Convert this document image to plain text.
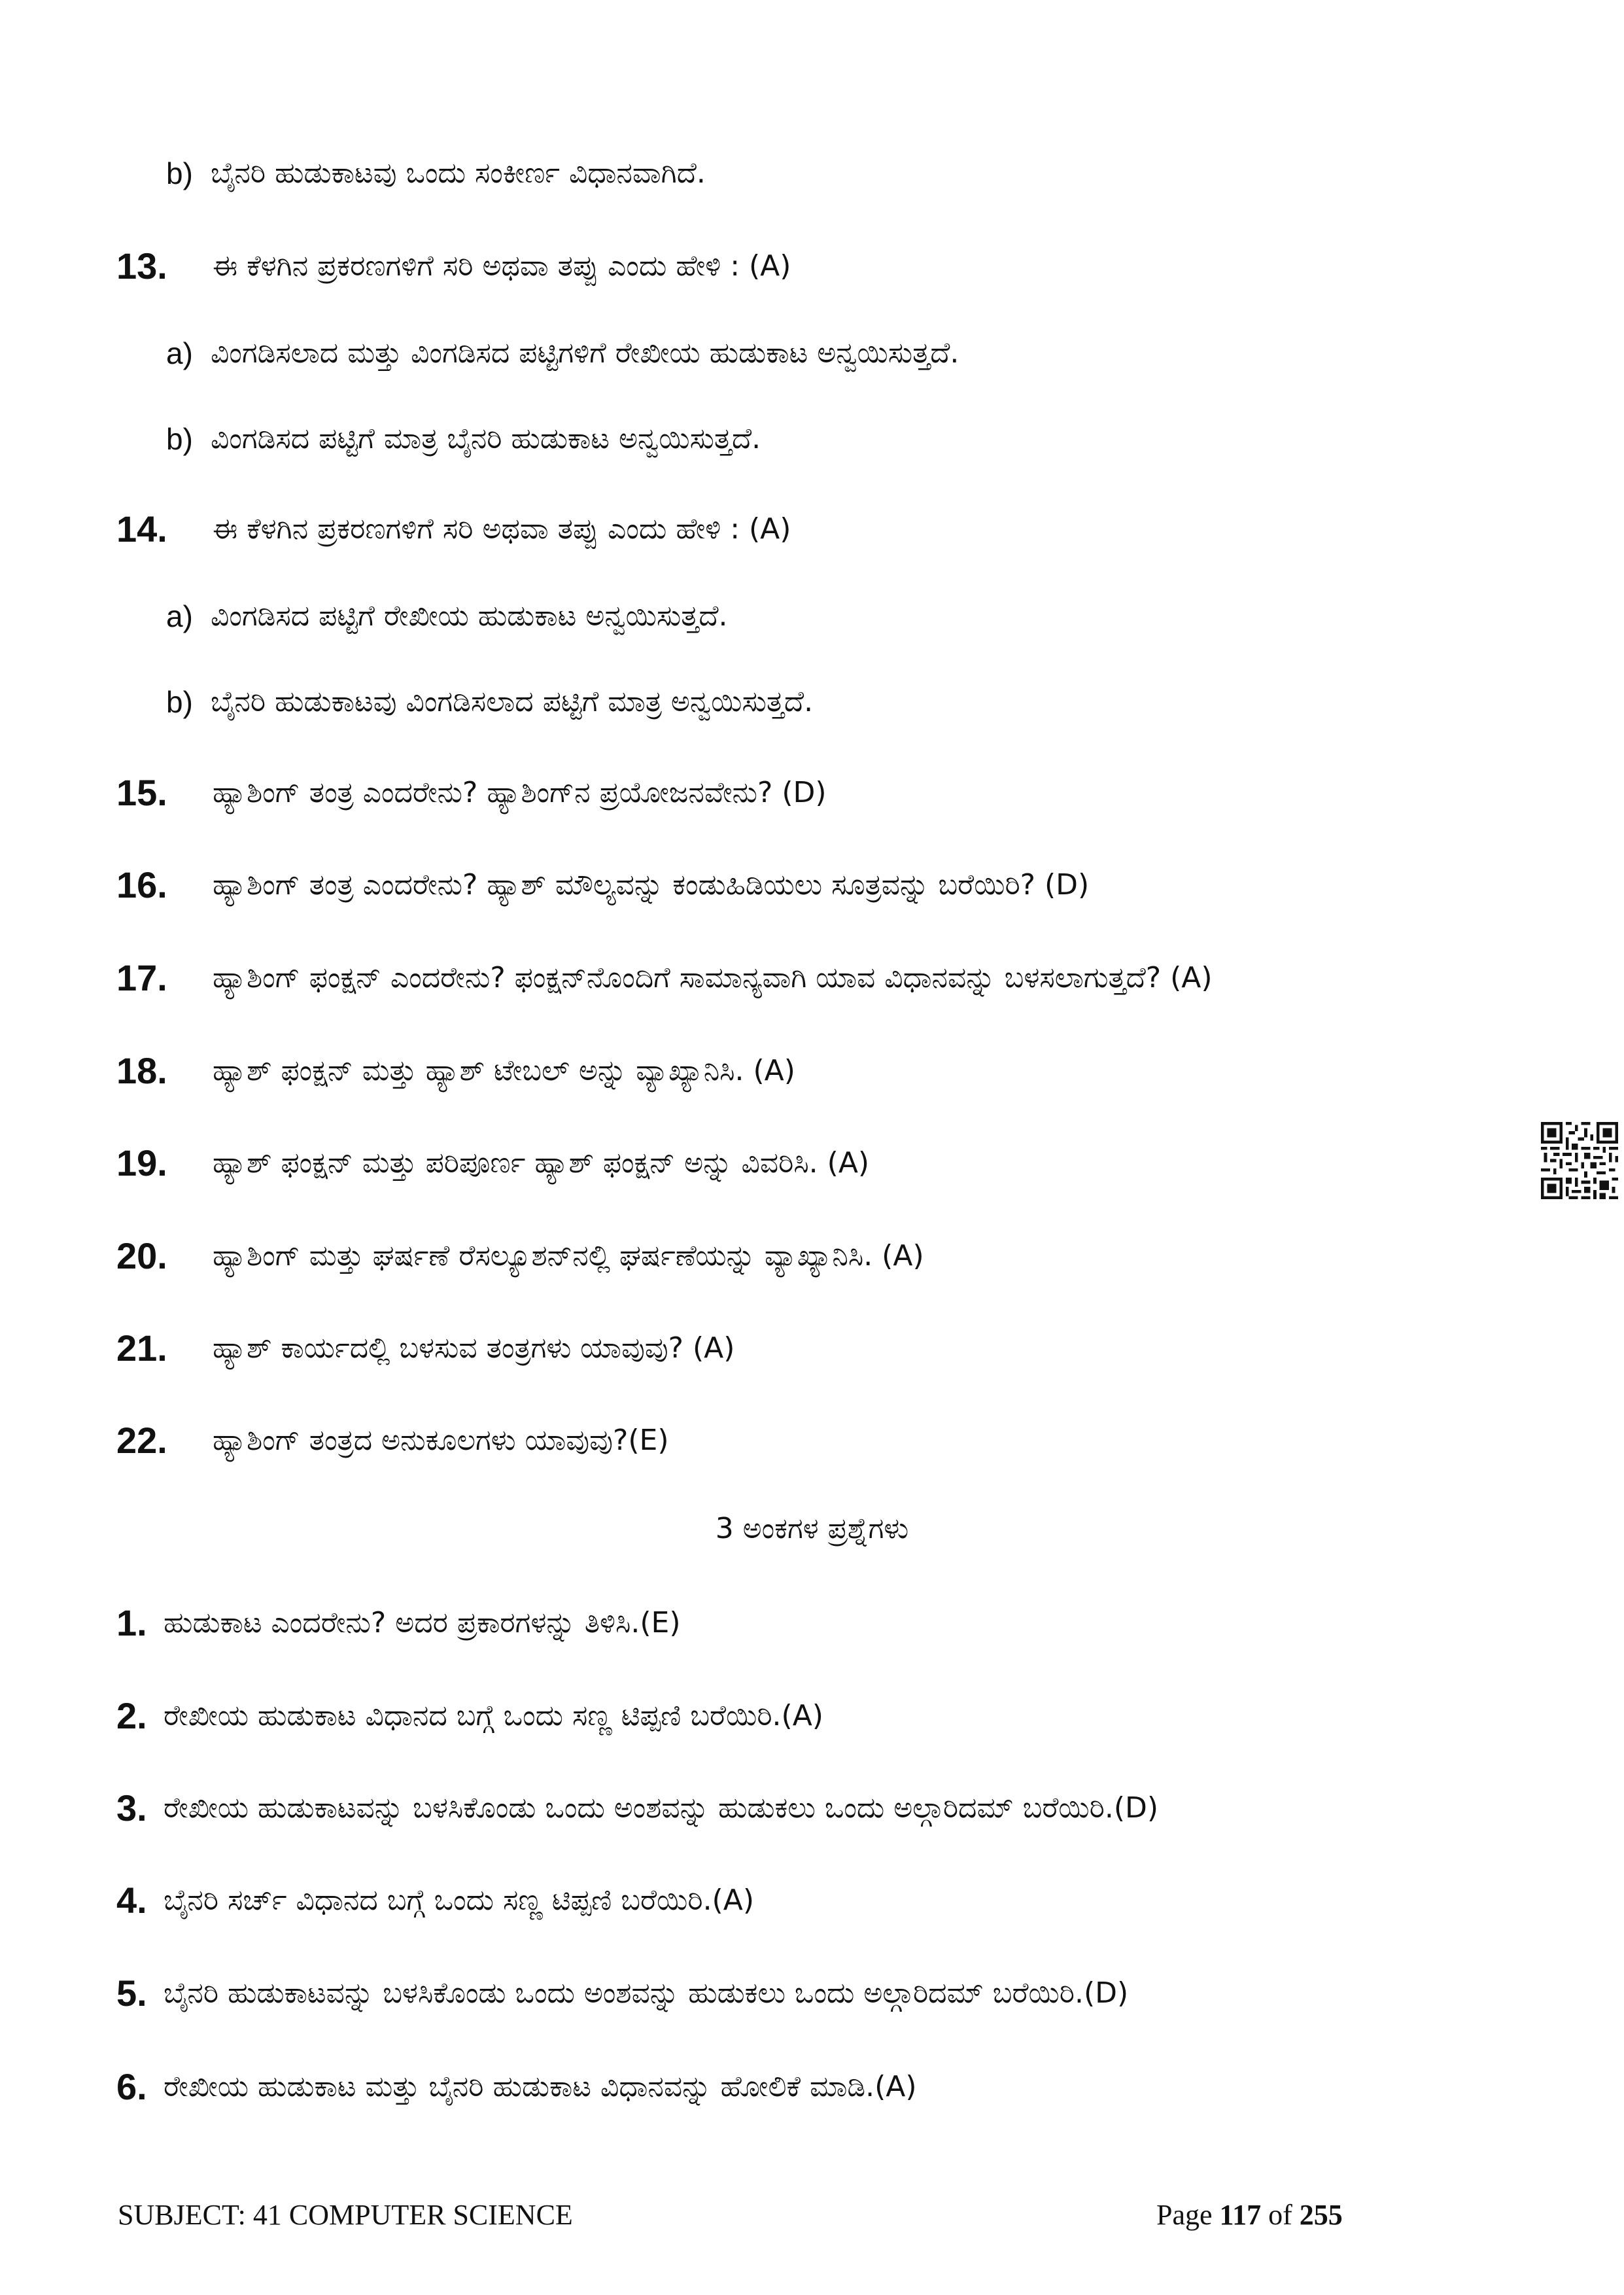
b) ಬೈನರಿ ಹುಡುಕಾಟವು ಒಂದು ಸಂಕೀರ್ಣ ವಿಧಾನವಾಗಿದೆ.
13. ಈ ಕೆಳಗಿನ ಪ್ರಕರಣಗಳಿಗೆ ಸರಿ ಅಥವಾ ತಪ್ಪು ಎಂದು ಹೇಳಿ : (A)
a) ವಿಂಗಡಿಸಲಾದ ಮತ್ತು ವಿಂಗಡಿಸದ ಪಟ್ಟಿಗಳಿಗೆ ರೇಖೀಯ ಹುಡುಕಾಟ ಅನ್ವಯಿಸುತ್ತದೆ.
b) ವಿಂಗಡಿಸದ ಪಟ್ಟಿಗೆ ಮಾತ್ರ ಬೈನರಿ ಹುಡುಕಾಟ ಅನ್ವಯಿಸುತ್ತದೆ.
14. ಈ ಕೆಳಗಿನ ಪ್ರಕರಣಗಳಿಗೆ ಸರಿ ಅಥವಾ ತಪ್ಪು ಎಂದು ಹೇಳಿ : (A)
a) ವಿಂಗಡಿಸದ ಪಟ್ಟಿಗೆ ರೇಖೀಯ ಹುಡುಕಾಟ ಅನ್ವಯಿಸುತ್ತದೆ.
b) ಬೈನರಿ ಹುಡುಕಾಟವು ವಿಂಗಡಿಸಲಾದ ಪಟ್ಟಿಗೆ ಮಾತ್ರ ಅನ್ವಯಿಸುತ್ತದೆ.
15. ಹ್ಯಾಶಿಂಗ್ ತಂತ್ರ ಎಂದರೇನು? ಹ್ಯಾಶಿಂಗ್‌ನ ಪ್ರಯೋಜನವೇನು? (D)
16. ಹ್ಯಾಶಿಂಗ್ ತಂತ್ರ ಎಂದರೇನು? ಹ್ಯಾಶ್ ಮೌಲ್ಯವನ್ನು ಕಂಡುಹಿಡಿಯಲು ಸೂತ್ರವನ್ನು ಬರೆಯಿರಿ? (D)
17. ಹ್ಯಾಶಿಂಗ್ ಫಂಕ್ಷನ್ ಎಂದರೇನು? ಫಂಕ್ಷನ್‌ನೊಂದಿಗೆ ಸಾಮಾನ್ಯವಾಗಿ ಯಾವ ವಿಧಾನವನ್ನು ಬಳಸಲಾಗುತ್ತದೆ? (A)
18. ಹ್ಯಾಶ್ ಫಂಕ್ಷನ್ ಮತ್ತು ಹ್ಯಾಶ್ ಟೇಬಲ್ ಅನ್ನು ವ್ಯಾಖ್ಯಾನಿಸಿ. (A)
19. ಹ್ಯಾಶ್ ಫಂಕ್ಷನ್ ಮತ್ತು ಪರಿಪೂರ್ಣ ಹ್ಯಾಶ್ ಫಂಕ್ಷನ್ ಅನ್ನು ವಿವರಿಸಿ. (A)
20. ಹ್ಯಾಶಿಂಗ್ ಮತ್ತು ಘರ್ಷಣೆ ರೆಸಲ್ಯೂಶನ್‌ನಲ್ಲಿ ಘರ್ಷಣೆಯನ್ನು ವ್ಯಾಖ್ಯಾನಿಸಿ. (A)
21. ಹ್ಯಾಶ್ ಕಾರ್ಯದಲ್ಲಿ ಬಳಸುವ ತಂತ್ರಗಳು ಯಾವುವು? (A)
22. ಹ್ಯಾಶಿಂಗ್ ತಂತ್ರದ ಅನುಕೂಲಗಳು ಯಾವುವು?(E)
3 ಅಂಕಗಳ ಪ್ರಶ್ನೆಗಳು
1. ಹುಡುಕಾಟ ಎಂದರೇನು? ಅದರ ಪ್ರಕಾರಗಳನ್ನು ತಿಳಿಸಿ.(E)
2. ರೇಖೀಯ ಹುಡುಕಾಟ ವಿಧಾನದ ಬಗ್ಗೆ ಒಂದು ಸಣ್ಣ ಟಿಪ್ಪಣಿ ಬರೆಯಿರಿ.(A)
3. ರೇಖೀಯ ಹುಡುಕಾಟವನ್ನು ಬಳಸಿಕೊಂಡು ಒಂದು ಅಂಶವನ್ನು ಹುಡುಕಲು ಒಂದು ಅಲ್ಗಾರಿದಮ್ ಬರೆಯಿರಿ.(D)
4. ಬೈನರಿ ಸರ್ಚ್ ವಿಧಾನದ ಬಗ್ಗೆ ಒಂದು ಸಣ್ಣ ಟಿಪ್ಪಣಿ ಬರೆಯಿರಿ.(A)
5. ಬೈನರಿ ಹುಡುಕಾಟವನ್ನು ಬಳಸಿಕೊಂಡು ಒಂದು ಅಂಶವನ್ನು ಹುಡುಕಲು ಒಂದು ಅಲ್ಗಾರಿದಮ್ ಬರೆಯಿರಿ.(D)
6. ರೇಖೀಯ ಹುಡುಕಾಟ ಮತ್ತು ಬೈನರಿ ಹುಡುಕಾಟ ವಿಧಾನವನ್ನು ಹೋಲಿಕೆ ಮಾಡಿ.(A)
SUBJECT: 41 COMPUTER SCIENCE	Page 117 of 255
